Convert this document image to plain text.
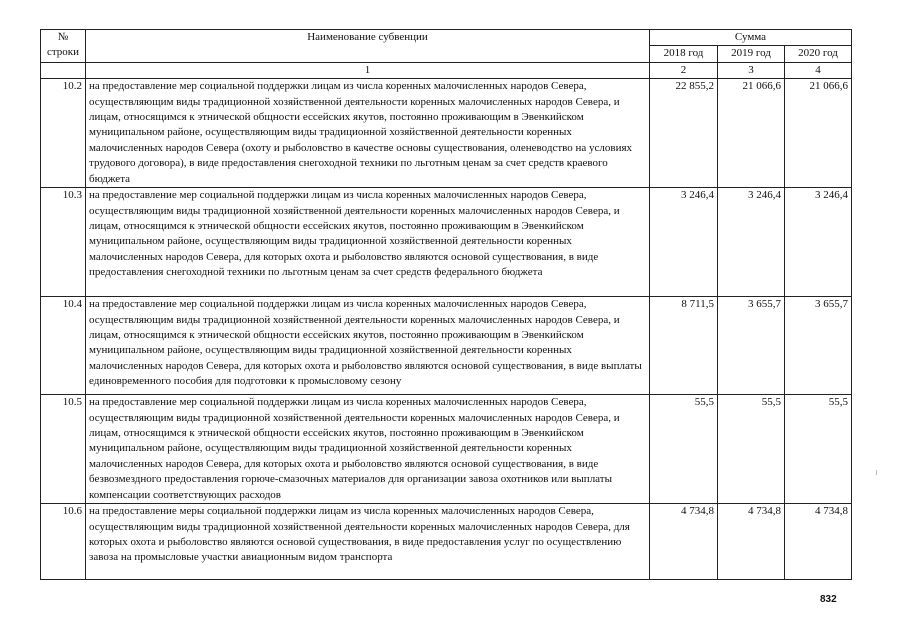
№
строки	Наименование субвенции	Сумма		
		2018 год	2019 год	2020 год
	1	2	3	4
10.2	на предоставление мер социальной поддержки лицам из числа коренных малочисленных народов Севера, осуществляющим виды традиционной хозяйственной деятельности коренных малочисленных народов Севера, и лицам, относящимся к этнической общности ессейских якутов, постоянно проживающим в Эвенкийском муниципальном районе, осуществляющим виды традиционной хозяйственной деятельности коренных малочисленных народов Севера (охоту и рыболовство в качестве основы существования, оленеводство на условиях трудового договора), в виде предоставления снегоходной техники по льготным ценам за счет средств краевого бюджета	22 855,2	21 066,6	21 066,6
10.3	на предоставление мер социальной поддержки лицам из числа коренных малочисленных народов Севера, осуществляющим виды традиционной хозяйственной деятельности коренных малочисленных народов Севера, и лицам, относящимся к этнической общности ессейских якутов, постоянно проживающим в Эвенкийском муниципальном районе, осуществляющим виды традиционной хозяйственной деятельности коренных малочисленных народов Севера, для которых охота и рыболовство являются основой существования, в виде предоставления снегоходной техники по льготным ценам за счет средств федерального бюджета	3 246,4	3 246,4	3 246,4
10.4	на предоставление мер социальной поддержки лицам из числа коренных малочисленных народов Севера, осуществляющим виды традиционной хозяйственной деятельности коренных малочисленных народов Севера, и лицам, относящимся к этнической общности ессейских якутов, постоянно проживающим в Эвенкийском муниципальном районе, осуществляющим виды традиционной хозяйственной деятельности коренных малочисленных народов Севера, для которых охота и рыболовство являются основой существования, в виде выплаты единовременного пособия для подготовки к промысловому сезону	8 711,5	3 655,7	3 655,7
10.5	на предоставление мер социальной поддержки лицам из числа коренных малочисленных народов Севера, осуществляющим виды традиционной хозяйственной деятельности коренных малочисленных народов Севера, и лицам, относящимся к этнической общности ессейских якутов, постоянно проживающим в Эвенкийском муниципальном районе, осуществляющим виды традиционной хозяйственной деятельности коренных малочисленных народов Севера, для которых охота и рыболовство являются основой существования, в виде безвозмездного предоставления горюче-смазочных материалов для организации завоза охотников или выплаты компенсации соответствующих расходов	55,5	55,5	55,5
10.6	на предоставление меры социальной поддержки лицам из числа коренных малочисленных народов Севера, осуществляющим виды традиционной хозяйственной деятельности коренных малочисленных народов Севера, для которых охота и рыболовство являются основой существования, в виде предоставления услуг по осуществлению завоза на промысловые участки авиационным видом транспорта	4 734,8	4 734,8	4 734,8
832
